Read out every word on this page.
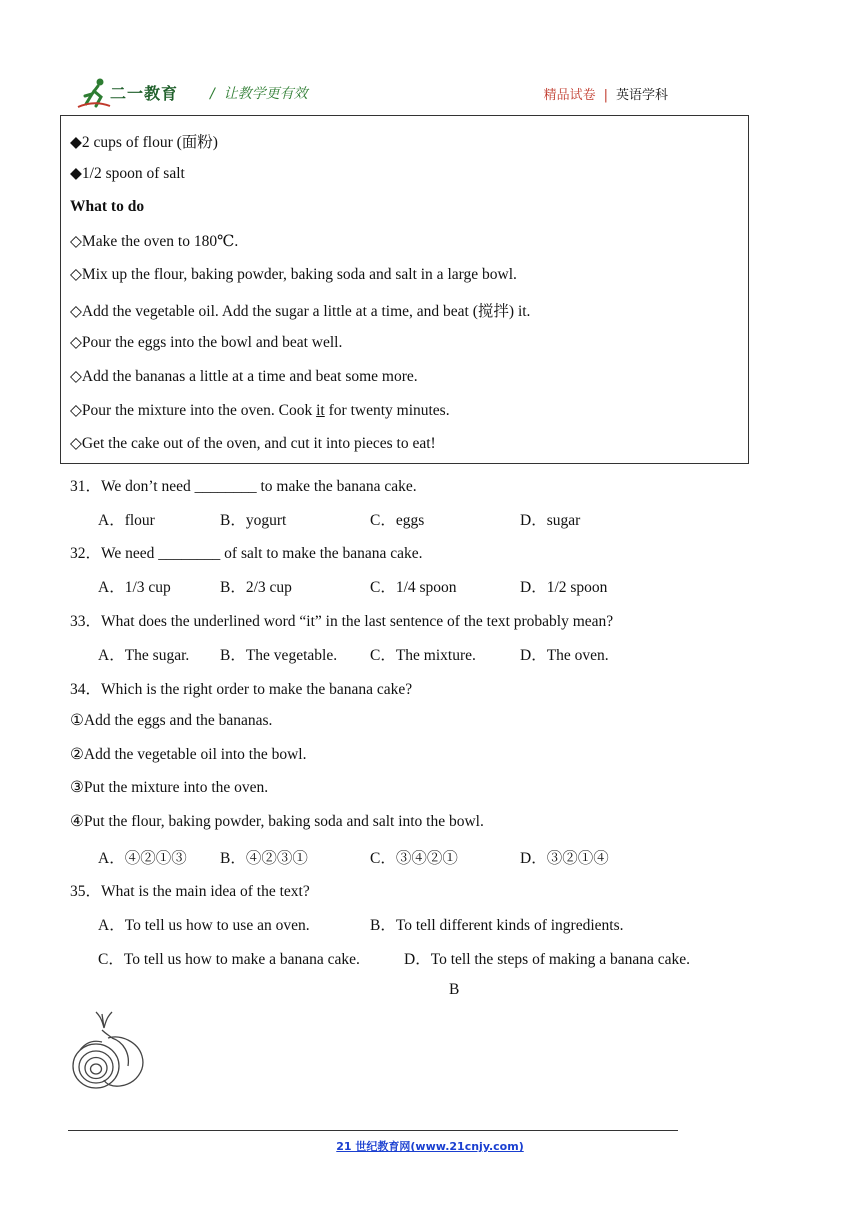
二一教育 / 让教学更有效	精品试卷 | 英语学科
◆2 cups of flour (面粉)
◆1/2 spoon of salt
What to do
◇Make the oven to 180℃.
◇Mix up the flour, baking powder, baking soda and salt in a large bowl.
◇Add the vegetable oil. Add the sugar a little at a time, and beat (搅拌) it.
◇Pour the eggs into the bowl and beat well.
◇Add the bananas a little at a time and beat some more.
◇Pour the mixture into the oven. Cook it for twenty minutes.
◇Get the cake out of the oven, and cut it into pieces to eat!
31．We don’t need ________ to make the banana cake.
A．flour	B．yogurt	C．eggs	D．sugar
32．We need ________ of salt to make the banana cake.
A．1/3 cup	B．2/3 cup	C．1/4 spoon	D．1/2 spoon
33．What does the underlined word “it” in the last sentence of the text probably mean?
A．The sugar. B．The vegetable. C．The mixture.	D．The oven.
34．Which is the right order to make the banana cake?
①Add the eggs and the bananas.
②Add the vegetable oil into the bowl.
③Put the mixture into the oven.
④Put the flour, baking powder, baking soda and salt into the bowl.
A．④②①③ B．④②③①	C．③④②①	D．③②①④
35．What is the main idea of the text?
A．To tell us how to use an oven.	B．To tell different kinds of ingredients.
C．To tell us how to make a banana cake.	D．To tell the steps of making a banana cake.
B
21 世纪教育网(www.21cnjy.com)
